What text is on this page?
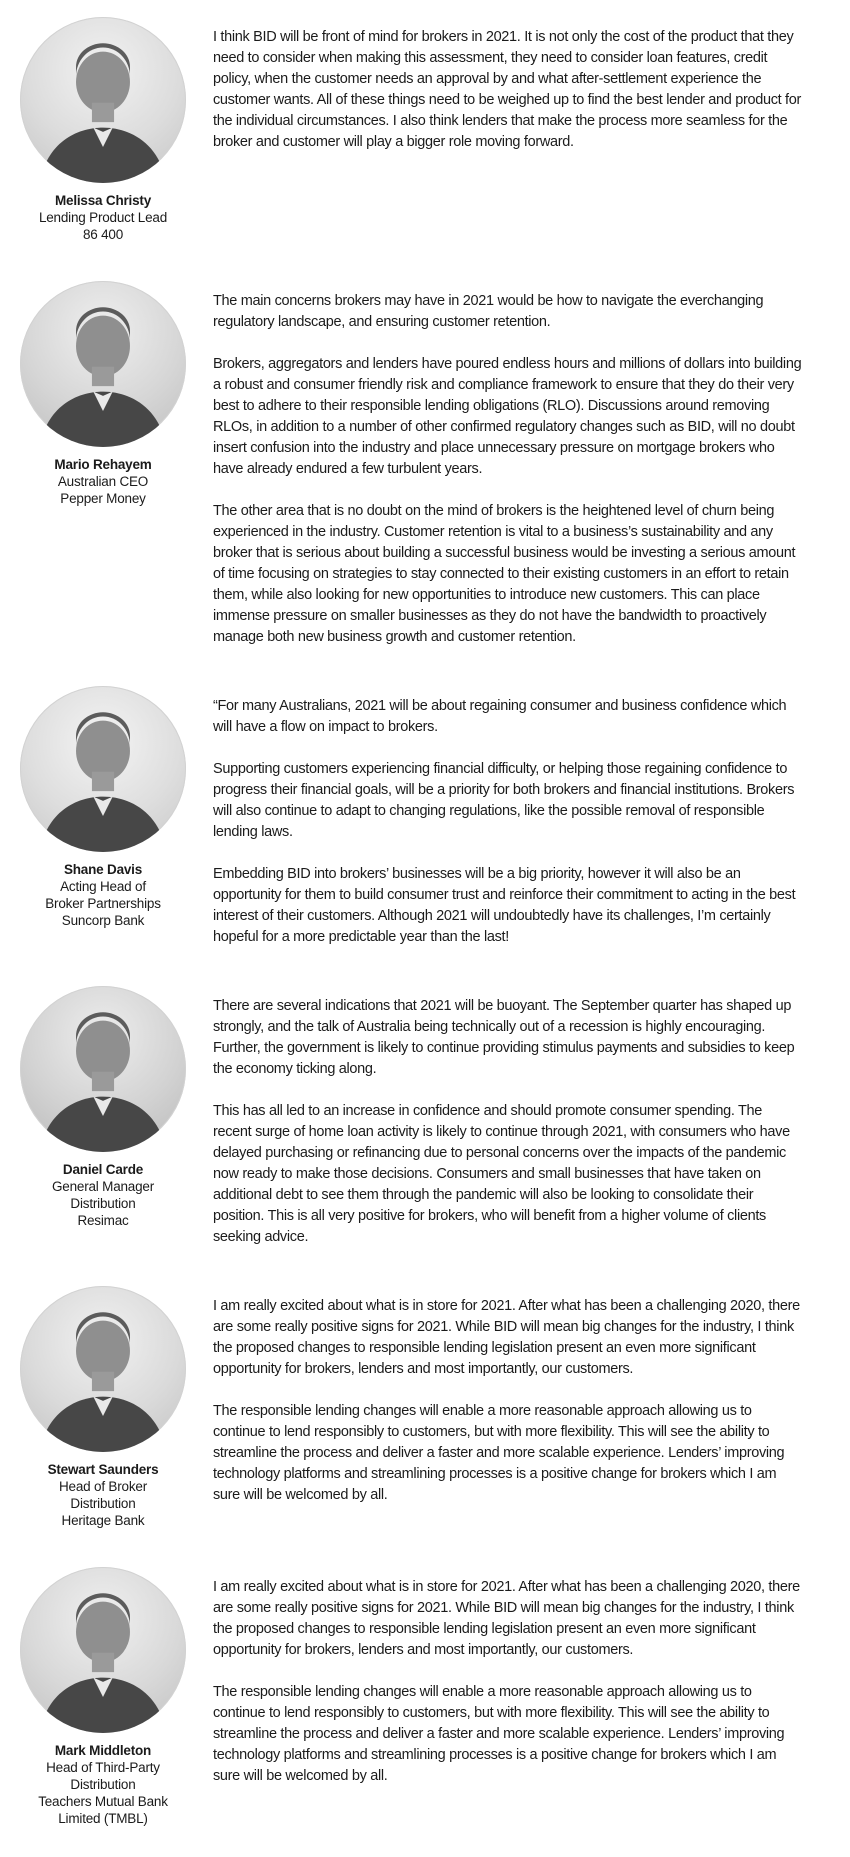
Melissa Christy
Lending Product Lead
86 400

I think BID will be front of mind for brokers in 2021. It is not only the cost of the product that they need to consider when making this assessment, they need to consider loan features, credit policy, when the customer needs an approval by and what after-settlement experience the customer wants. All of these things need to be weighed up to find the best lender and product for the individual circumstances. I also think lenders that make the process more seamless for the broker and customer will play a bigger role moving forward.

Mario Rehayem
Australian CEO
Pepper Money

The main concerns brokers may have in 2021 would be how to navigate the everchanging regulatory landscape, and ensuring customer retention.

Brokers, aggregators and lenders have poured endless hours and millions of dollars into building a robust and consumer friendly risk and compliance framework to ensure that they do their very best to adhere to their responsible lending obligations (RLO). Discussions around removing RLOs, in addition to a number of other confirmed regulatory changes such as BID, will no doubt insert confusion into the industry and place unnecessary pressure on mortgage brokers who have already endured a few turbulent years.

The other area that is no doubt on the mind of brokers is the heightened level of churn being experienced in the industry. Customer retention is vital to a business’s sustainability and any broker that is serious about building a successful business would be investing a serious amount of time focusing on strategies to stay connected to their existing customers in an effort to retain them, while also looking for new opportunities to introduce new customers. This can place immense pressure on smaller businesses as they do not have the bandwidth to proactively manage both new business growth and customer retention.

Shane Davis
Acting Head of
Broker Partnerships
Suncorp Bank

“For many Australians, 2021 will be about regaining consumer and business confidence which will have a flow on impact to brokers.

Supporting customers experiencing financial difficulty, or helping those regaining confidence to progress their financial goals, will be a priority for both brokers and financial institutions. Brokers will also continue to adapt to changing regulations, like the possible removal of responsible lending laws.

Embedding BID into brokers’ businesses will be a big priority, however it will also be an opportunity for them to build consumer trust and reinforce their commitment to acting in the best interest of their customers. Although 2021 will undoubtedly have its challenges, I’m certainly hopeful for a more predictable year than the last!

Daniel Carde
General Manager
Distribution
Resimac

There are several indications that 2021 will be buoyant. The September quarter has shaped up strongly, and the talk of Australia being technically out of a recession is highly encouraging. Further, the government is likely to continue providing stimulus payments and subsidies to keep the economy ticking along.

This has all led to an increase in confidence and should promote consumer spending. The recent surge of home loan activity is likely to continue through 2021, with consumers who have delayed purchasing or refinancing due to personal concerns over the impacts of the pandemic now ready to make those decisions. Consumers and small businesses that have taken on additional debt to see them through the pandemic will also be looking to consolidate their position. This is all very positive for brokers, who will benefit from a higher volume of clients seeking advice.

Stewart Saunders
Head of Broker
Distribution
Heritage Bank

I am really excited about what is in store for 2021. After what has been a challenging 2020, there are some really positive signs for 2021. While BID will mean big changes for the industry, I think the proposed changes to responsible lending legislation present an even more significant opportunity for brokers, lenders and most importantly, our customers.

The responsible lending changes will enable a more reasonable approach allowing us to continue to lend responsibly to customers, but with more flexibility. This will see the ability to streamline the process and deliver a faster and more scalable experience. Lenders’ improving technology platforms and streamlining processes is a positive change for brokers which I am sure will be welcomed by all.

Mark Middleton
Head of Third-Party
Distribution
Teachers Mutual Bank
Limited (TMBL)

I am really excited about what is in store for 2021. After what has been a challenging 2020, there are some really positive signs for 2021. While BID will mean big changes for the industry, I think the proposed changes to responsible lending legislation present an even more significant opportunity for brokers, lenders and most importantly, our customers.

The responsible lending changes will enable a more reasonable approach allowing us to continue to lend responsibly to customers, but with more flexibility. This will see the ability to streamline the process and deliver a faster and more scalable experience. Lenders’ improving technology platforms and streamlining processes is a positive change for brokers which I am sure will be welcomed by all.
